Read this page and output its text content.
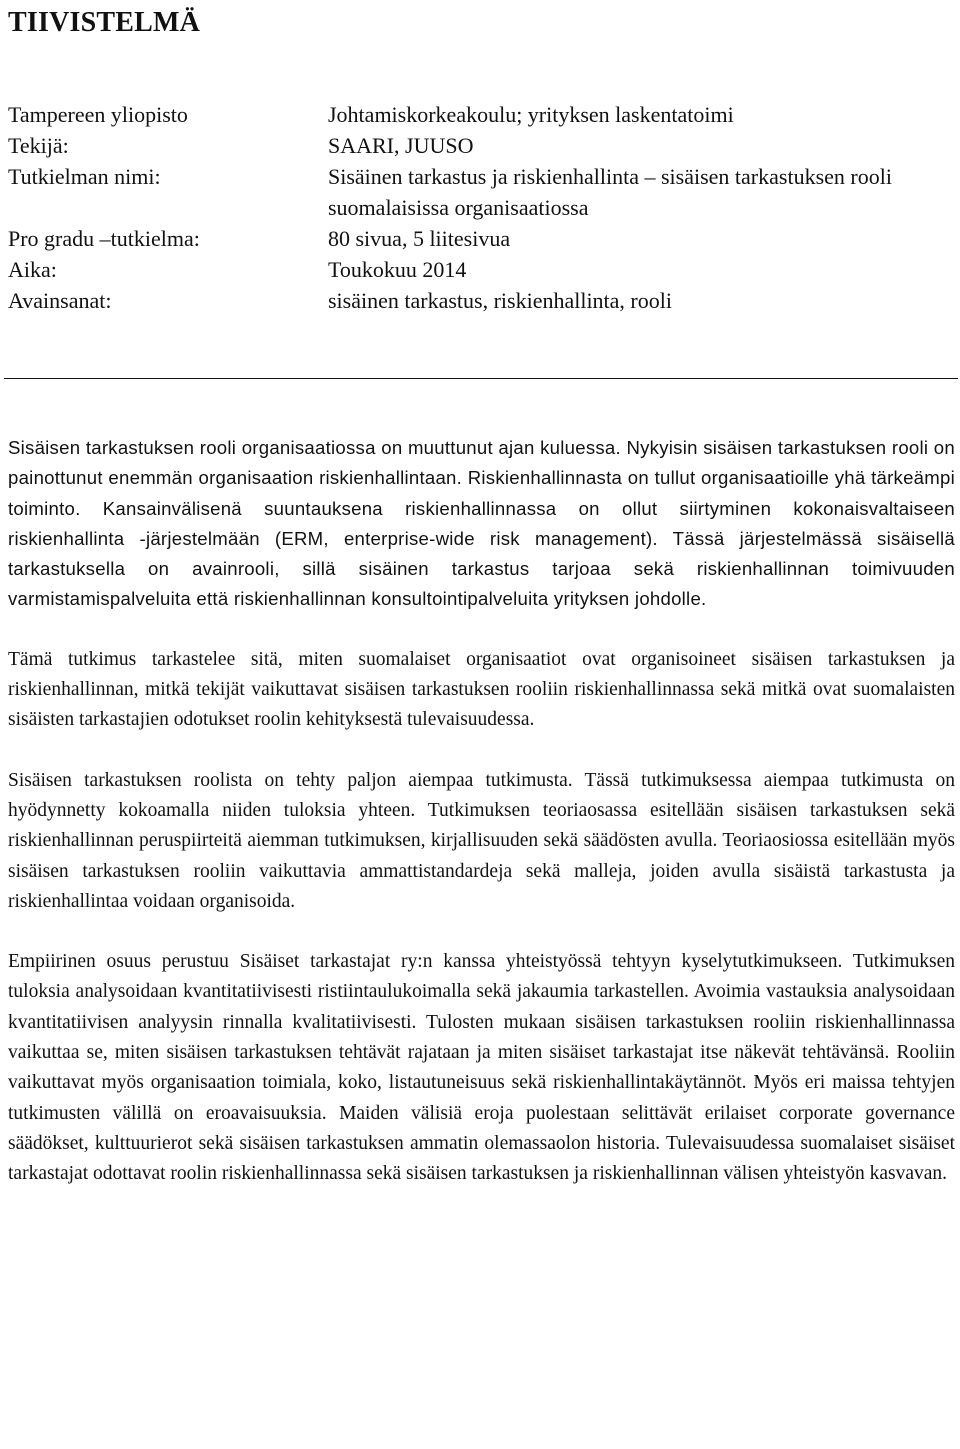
TIIVISTELMÄ
Tampereen yliopisto	Johtamiskorkeakoulu; yrityksen laskentatoimi
Tekijä:	SAARI, JUUSO
Tutkielman nimi:	Sisäinen tarkastus ja riskienhallinta – sisäisen tarkastuksen rooli suomalaisissa organisaatiossa
Pro gradu –tutkielma:	80 sivua, 5 liitesivua
Aika:	Toukokuu 2014
Avainsanat:	sisäinen tarkastus, riskienhallinta, rooli

Sisäisen tarkastuksen rooli organisaatiossa on muuttunut ajan kuluessa. Nykyisin sisäisen tarkastuksen rooli on painottunut enemmän organisaation riskienhallintaan. Riskienhallinnasta on tullut organisaatioille yhä tärkeämpi toiminto. Kansainvälisenä suuntauksena riskienhallinnassa on ollut siirtyminen kokonaisvaltaiseen riskienhallinta -järjestelmään (ERM, enterprise-wide risk management). Tässä järjestelmässä sisäisellä tarkastuksella on avainrooli, sillä sisäinen tarkastus tarjoaa sekä riskienhallinnan toimivuuden varmistamispalveluita että riskienhallinnan konsultointipalveluita yrityksen johdolle.

Tämä tutkimus tarkastelee sitä, miten suomalaiset organisaatiot ovat organisoineet sisäisen tarkastuksen ja riskienhallinnan, mitkä tekijät vaikuttavat sisäisen tarkastuksen rooliin riskienhallinnassa sekä mitkä ovat suomalaisten sisäisten tarkastajien odotukset roolin kehityksestä tulevaisuudessa.

Sisäisen tarkastuksen roolista on tehty paljon aiempaa tutkimusta. Tässä tutkimuksessa aiempaa tutkimusta on hyödynnetty kokoamalla niiden tuloksia yhteen. Tutkimuksen teoriaosassa esitellään sisäisen tarkastuksen sekä riskienhallinnan peruspiirteitä aiemman tutkimuksen, kirjallisuuden sekä säädösten avulla. Teoriaosiossa esitellään myös sisäisen tarkastuksen rooliin vaikuttavia ammattistandardeja sekä malleja, joiden avulla sisäistä tarkastusta ja riskienhallintaa voidaan organisoida.

Empiirinen osuus perustuu Sisäiset tarkastajat ry:n kanssa yhteistyössä tehtyyn kyselytutkimukseen. Tutkimuksen tuloksia analysoidaan kvantitatiivisesti ristiintaulukoimalla sekä jakaumia tarkastellen. Avoimia vastauksia analysoidaan kvantitatiivisen analyysin rinnalla kvalitatiivisesti. Tulosten mukaan sisäisen tarkastuksen rooliin riskienhallinnassa vaikuttaa se, miten sisäisen tarkastuksen tehtävät rajataan ja miten sisäiset tarkastajat itse näkevät tehtävänsä. Rooliin vaikuttavat myös organisaation toimiala, koko, listautuneisuus sekä riskienhallintakäytännöt. Myös eri maissa tehtyjen tutkimusten välillä on eroavaisuuksia. Maiden välisiä eroja puolestaan selittävät erilaiset corporate governance säädökset, kulttuurierot sekä sisäisen tarkastuksen ammatin olemassaolon historia. Tulevaisuudessa suomalaiset sisäiset tarkastajat odottavat roolin riskienhallinnassa sekä sisäisen tarkastuksen ja riskienhallinnan välisen yhteistyön kasvavan.
